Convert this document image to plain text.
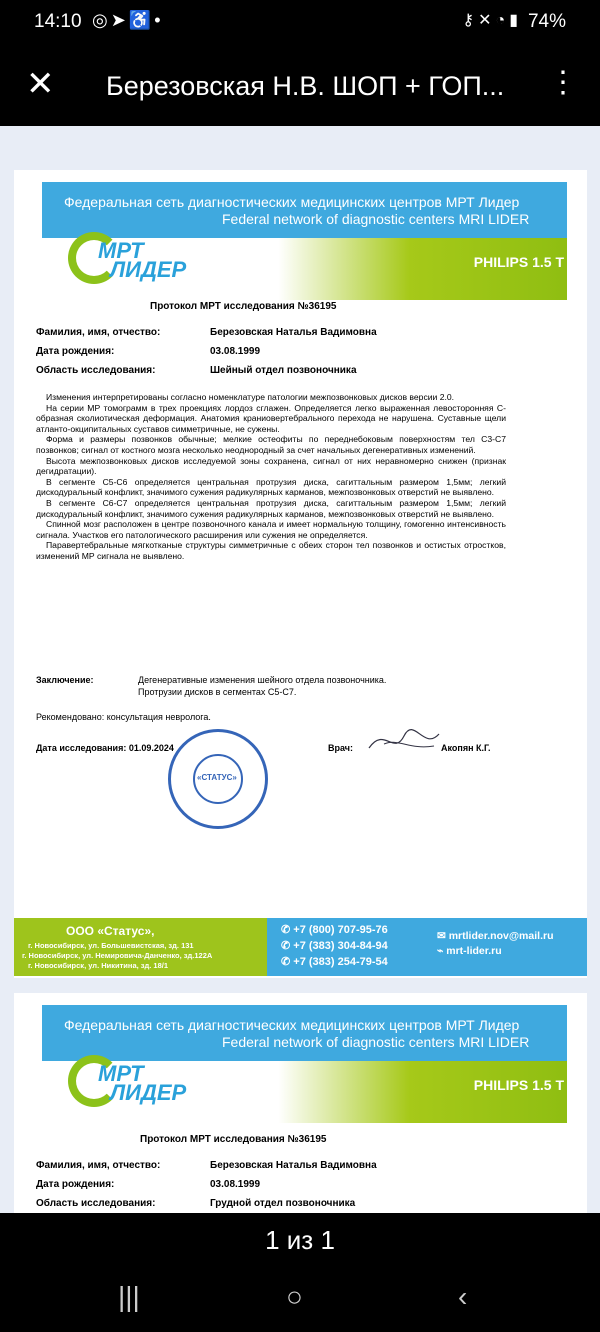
14:10 ◎➤♿•	⚷✕◔▮ 74%
✕ Березовская Н.В. ШОП + ГОП...	⋮
Федеральная сеть диагностических медицинских центров МРТ Лидер
Federal network of diagnostic centers MRI LIDER
МРТ
ЛИДЕР	PHILIPS 1.5 T
Протокол МРТ исследования №36195
Фамилия, имя, отчество:	Березовская Наталья Вадимовна
Дата рождения:	03.08.1999
Область исследования:	Шейный отдел позвоночника

Изменения интерпретированы согласно номенклатуре патологии межпозвонковых дисков версии 2.0.

На серии МР томограмм в трех проекциях лордоз сглажен. Определяется легко выраженная левосторонняя С-образная сколиотическая деформация. Анатомия краниовертебрального перехода не нарушена. Суставные щели атланто-окципитальных суставов симметричные, не сужены.

Форма и размеры позвонков обычные; мелкие остеофиты по переднебоковым поверхностям тел С3-С7 позвонков; сигнал от костного мозга несколько неоднородный за счет начальных дегенеративных изменений.

Высота межпозвонковых дисков исследуемой зоны сохранена, сигнал от них неравномерно снижен (признак дегидратации).

В сегменте С5-С6 определяется центральная протрузия диска, сагиттальным размером 1,5мм; легкий дискодуральный конфликт, значимого сужения радикулярных карманов, межпозвонковых отверстий не выявлено.

В сегменте С6-С7 определяется центральная протрузия диска, сагиттальным размером 1,5мм; легкий дискодуральный конфликт, значимого сужения радикулярных карманов, межпозвонковых отверстий не выявлено.

Спинной мозг расположен в центре позвоночного канала и имеет нормальную толщину, гомогенно интенсивность сигнала. Участков его патологического расширения или сужения не определяется.

Паравертебральные мягкотканые структуры симметричные с обеих сторон тел позвонков и остистых отростков, изменений МР сигнала не выявлено.

Заключение:	Дегенеративные изменения шейного отдела позвоночника.
Протрузии дисков в сегментах С5-С7.
Рекомендовано: консультация невролога.
Дата исследования: 01.09.2024	Врач:	Акопян К.Г.
«СТАТУС»
ООО «Статус»,
г. Новосибирск, ул. Большевистская, зд. 131
г. Новосибирск, ул. Немировича-Данченко, зд.122А
г. Новосибирск, ул. Никитина, зд. 18/1
✆ +7 (800) 707-95-76
✆ +7 (383) 304-84-94
✆ +7 (383) 254-79-54
✉ mrtlider.nov@mail.ru
⌁ mrt-lider.ru
Федеральная сеть диагностических медицинских центров МРТ Лидер
Federal network of diagnostic centers MRI LIDER
МРТ
ЛИДЕР	PHILIPS 1.5 T
Протокол МРТ исследования №36195
Фамилия, имя, отчество:	Березовская Наталья Вадимовна
Дата рождения:	03.08.1999
Область исследования:	Грудной отдел позвоночника
1 из 1
|||	○	‹
